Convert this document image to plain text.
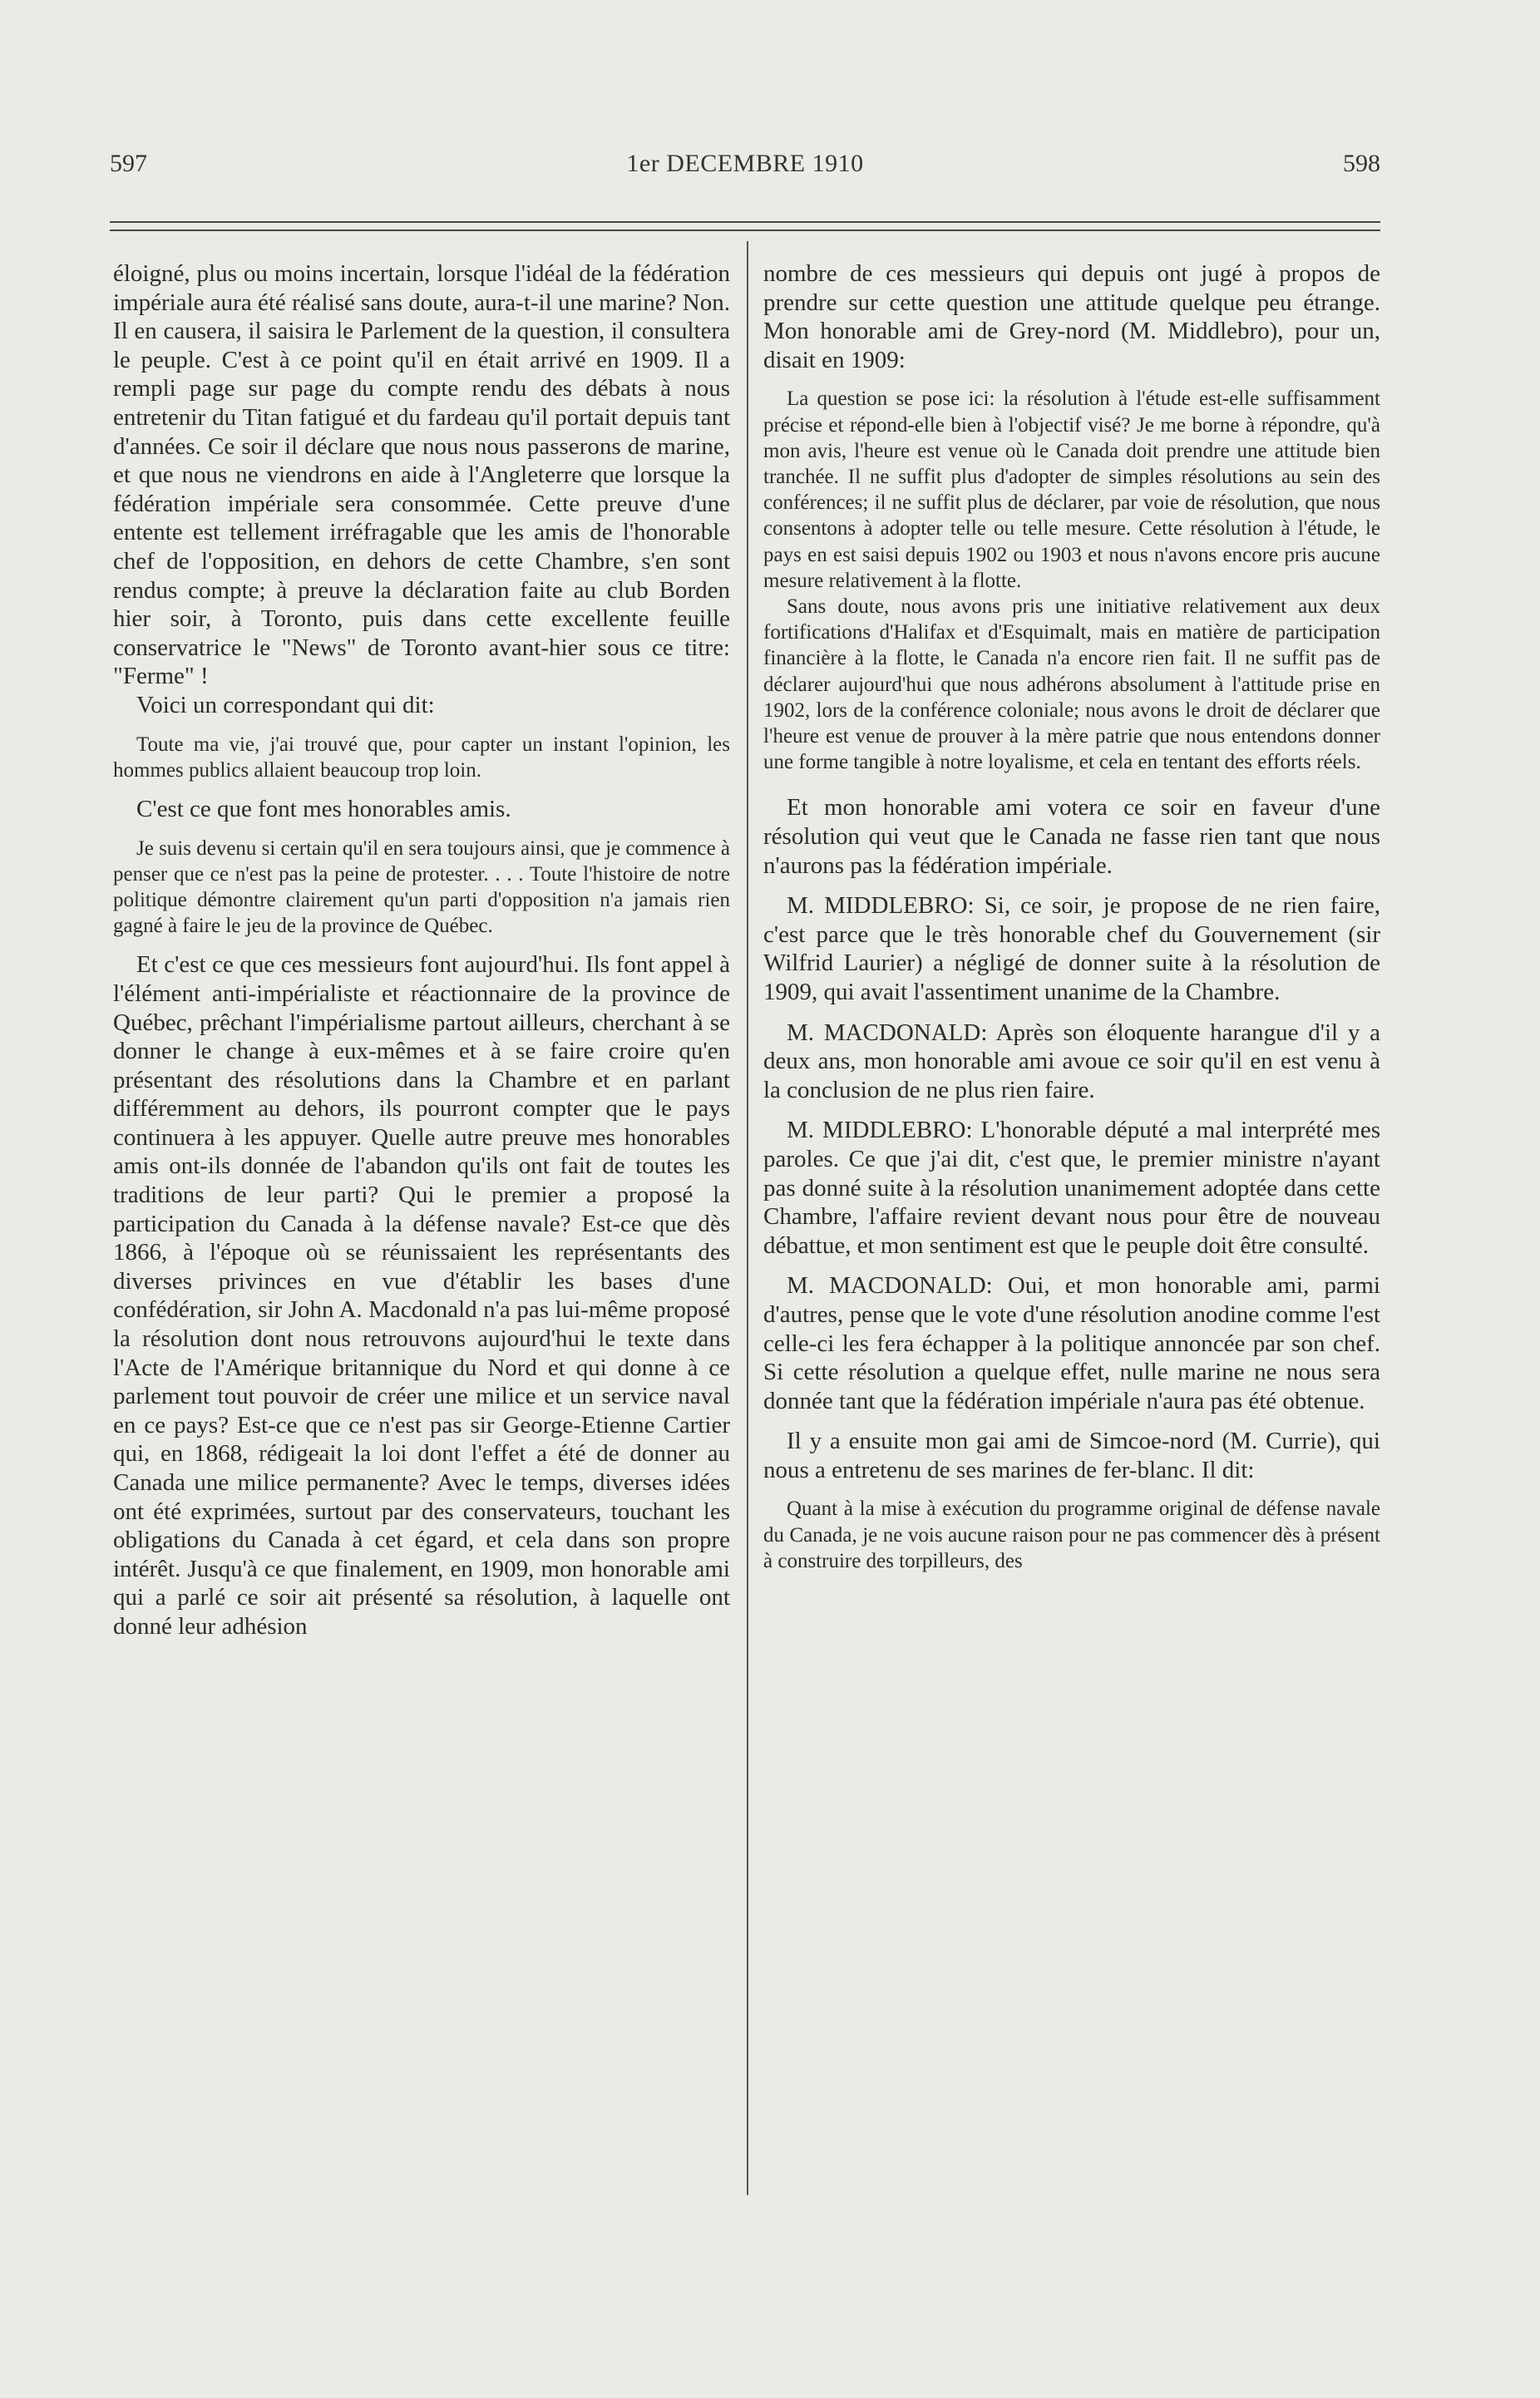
597	1er DECEMBRE 1910	598

éloigné, plus ou moins incertain, lorsque l'idéal de la fédération impériale aura été réalisé sans doute, aura-t-il une marine? Non. Il en causera, il saisira le Parlement de la question, il consultera le peuple. C'est à ce point qu'il en était arrivé en 1909. Il a rempli page sur page du compte rendu des débats à nous entretenir du Titan fatigué et du fardeau qu'il portait depuis tant d'années. Ce soir il déclare que nous nous passerons de marine, et que nous ne viendrons en aide à l'Angleterre que lorsque la fédération impériale sera consommée. Cette preuve d'une entente est tellement irréfragable que les amis de l'honorable chef de l'opposition, en dehors de cette Chambre, s'en sont rendus compte; à preuve la déclaration faite au club Borden hier soir, à Toronto, puis dans cette excellente feuille conservatrice le "News" de Toronto avant-hier sous ce titre: "Ferme" !

Voici un correspondant qui dit:

Toute ma vie, j'ai trouvé que, pour capter un instant l'opinion, les hommes publics allaient beaucoup trop loin.

C'est ce que font mes honorables amis.

Je suis devenu si certain qu'il en sera toujours ainsi, que je commence à penser que ce n'est pas la peine de protester. . . . Toute l'histoire de notre politique démontre clairement qu'un parti d'opposition n'a jamais rien gagné à faire le jeu de la province de Québec.

Et c'est ce que ces messieurs font aujourd'hui. Ils font appel à l'élément anti-impérialiste et réactionnaire de la province de Québec, prêchant l'impérialisme partout ailleurs, cherchant à se donner le change à eux-mêmes et à se faire croire qu'en présentant des résolutions dans la Chambre et en parlant différemment au dehors, ils pourront compter que le pays continuera à les appuyer. Quelle autre preuve mes honorables amis ont-ils donnée de l'abandon qu'ils ont fait de toutes les traditions de leur parti? Qui le premier a proposé la participation du Canada à la défense navale? Est-ce que dès 1866, à l'époque où se réunissaient les représentants des diverses privinces en vue d'établir les bases d'une confédération, sir John A. Macdonald n'a pas lui-même proposé la résolution dont nous retrouvons aujourd'hui le texte dans l'Acte de l'Amérique britannique du Nord et qui donne à ce parlement tout pouvoir de créer une milice et un service naval en ce pays? Est-ce que ce n'est pas sir George-Etienne Cartier qui, en 1868, rédigeait la loi dont l'effet a été de donner au Canada une milice permanente? Avec le temps, diverses idées ont été exprimées, surtout par des conservateurs, touchant les obligations du Canada à cet égard, et cela dans son propre intérêt. Jusqu'à ce que finalement, en 1909, mon honorable ami qui a parlé ce soir ait présenté sa résolution, à laquelle ont donné leur adhésion

nombre de ces messieurs qui depuis ont jugé à propos de prendre sur cette question une attitude quelque peu étrange. Mon honorable ami de Grey-nord (M. Middlebro), pour un, disait en 1909:

La question se pose ici: la résolution à l'étude est-elle suffisamment précise et répond-elle bien à l'objectif visé? Je me borne à répondre, qu'à mon avis, l'heure est venue où le Canada doit prendre une attitude bien tranchée. Il ne suffit plus d'adopter de simples résolutions au sein des conférences; il ne suffit plus de déclarer, par voie de résolution, que nous consentons à adopter telle ou telle mesure. Cette résolution à l'étude, le pays en est saisi depuis 1902 ou 1903 et nous n'avons encore pris aucune mesure relativement à la flotte.

Sans doute, nous avons pris une initiative relativement aux deux fortifications d'Halifax et d'Esquimalt, mais en matière de participation financière à la flotte, le Canada n'a encore rien fait. Il ne suffit pas de déclarer aujourd'hui que nous adhérons absolument à l'attitude prise en 1902, lors de la conférence coloniale; nous avons le droit de déclarer que l'heure est venue de prouver à la mère patrie que nous entendons donner une forme tangible à notre loyalisme, et cela en tentant des efforts réels.

Et mon honorable ami votera ce soir en faveur d'une résolution qui veut que le Canada ne fasse rien tant que nous n'aurons pas la fédération impériale.

M. MIDDLEBRO: Si, ce soir, je propose de ne rien faire, c'est parce que le très honorable chef du Gouvernement (sir Wilfrid Laurier) a négligé de donner suite à la résolution de 1909, qui avait l'assentiment unanime de la Chambre.

M. MACDONALD: Après son éloquente harangue d'il y a deux ans, mon honorable ami avoue ce soir qu'il en est venu à la conclusion de ne plus rien faire.

M. MIDDLEBRO: L'honorable député a mal interprété mes paroles. Ce que j'ai dit, c'est que, le premier ministre n'ayant pas donné suite à la résolution unanimement adoptée dans cette Chambre, l'affaire revient devant nous pour être de nouveau débattue, et mon sentiment est que le peuple doit être consulté.

M. MACDONALD: Oui, et mon honorable ami, parmi d'autres, pense que le vote d'une résolution anodine comme l'est celle-ci les fera échapper à la politique annoncée par son chef. Si cette résolution a quelque effet, nulle marine ne nous sera donnée tant que la fédération impériale n'aura pas été obtenue.

Il y a ensuite mon gai ami de Simcoe-nord (M. Currie), qui nous a entretenu de ses marines de fer-blanc. Il dit:

Quant à la mise à exécution du programme original de défense navale du Canada, je ne vois aucune raison pour ne pas commencer dès à présent à construire des torpilleurs, des
